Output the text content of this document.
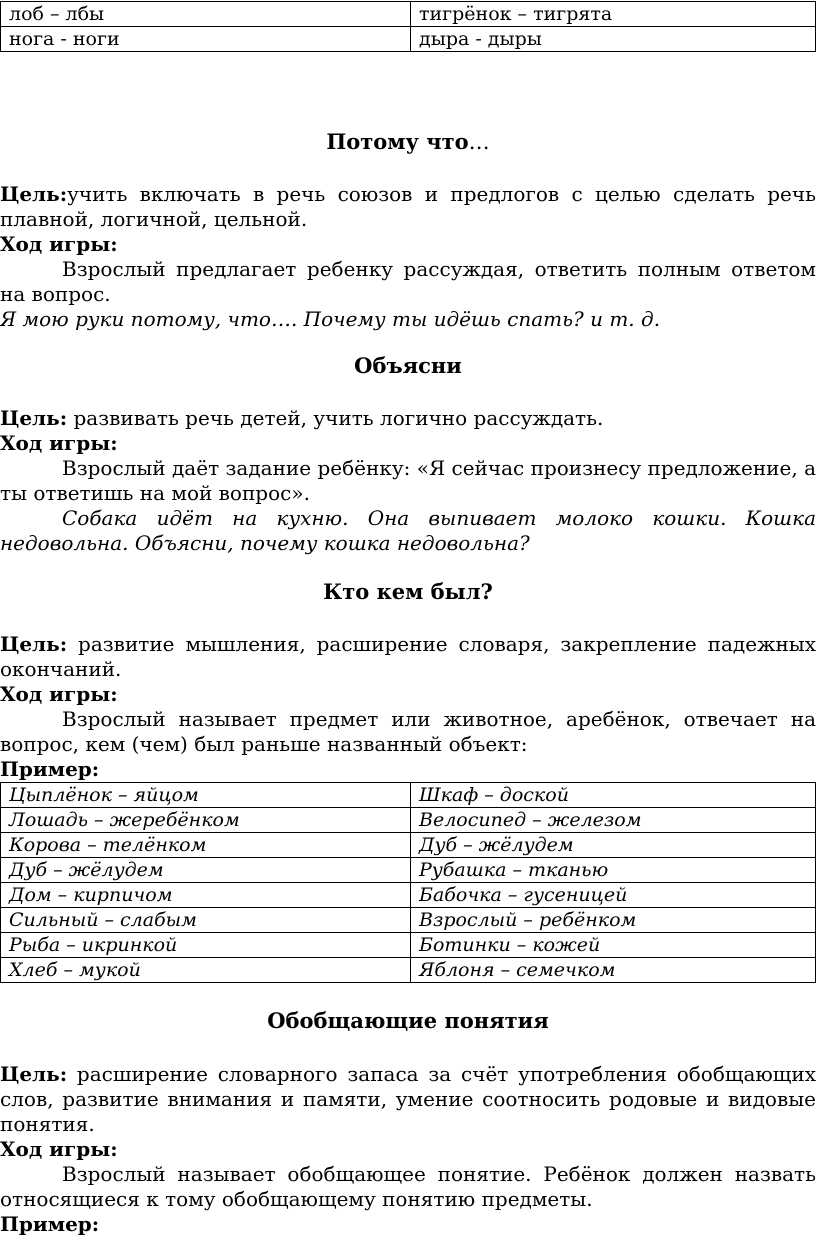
лоб – лбы	тигрёнок – тигрята
нога - ноги	дыра - дыры
Потому что…

Цель:учить включать в речь союзов и предлогов с целью сделать речь плавной, логичной, цельной.

Ход игры:

Взрослый предлагает ребенку рассуждая, ответить полным ответом на вопрос.

Я мою руки потому, что…. Почему ты идёшь спать? и т. д.

Объясни

Цель: развивать речь детей, учить логично рассуждать.

Ход игры:

Взрослый даёт задание ребёнку: «Я сейчас произнесу предложение, а ты ответишь на мой вопрос».

Собака идёт на кухню. Она выпивает молоко кошки. Кошка недовольна. Объясни, почему кошка недовольна?

Кто кем был?

Цель: развитие мышления, расширение словаря, закрепление падежных окончаний.

Ход игры:

Взрослый называет предмет или животное, аребёнок, отвечает на вопрос, кем (чем) был раньше названный объект:

Пример:

Цыплёнок – яйцом	Шкаф – доской
Лошадь – жеребёнком	Велосипед – железом
Корова – телёнком	Дуб – жёлудем
Дуб – жёлудем	Рубашка – тканью
Дом – кирпичом	Бабочка – гусеницей
Сильный – слабым	Взрослый – ребёнком
Рыба – икринкой	Ботинки – кожей
Хлеб – мукой	Яблоня – семечком
Обобщающие понятия

Цель: расширение словарного запаса за счёт употребления обобщающих слов, развитие внимания и памяти, умение соотносить родовые и видовые понятия.

Ход игры:

Взрослый называет обобщающее понятие. Ребёнок должен назвать относящиеся к тому обобщающему понятию предметы.

Пример:
